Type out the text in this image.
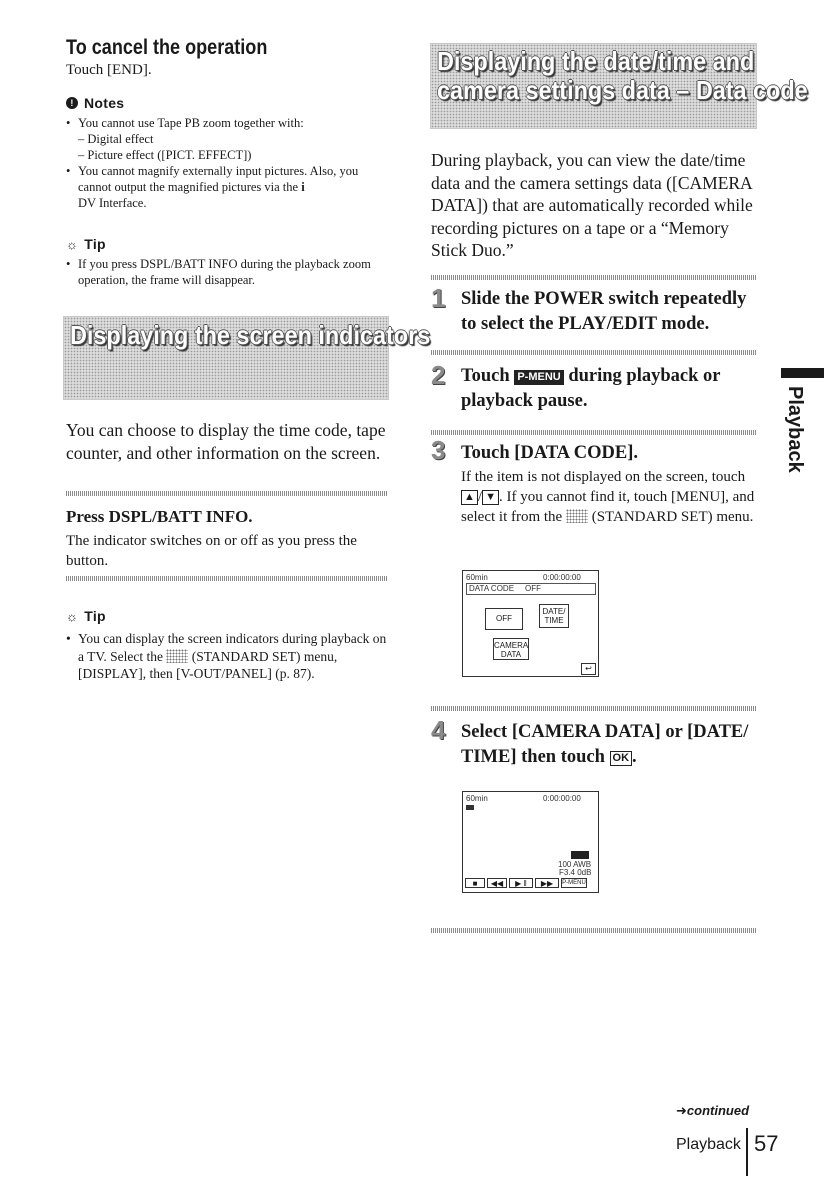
To cancel the operation
Touch [END].
! Notes
• You cannot use Tape PB zoom together with:
– Digital effect
– Picture effect ([PICT. EFFECT])
• You cannot magnify externally input pictures. Also, you cannot output the magnified pictures via the i
DV Interface.
☼ Tip
• If you press DSPL/BATT INFO during the playback zoom operation, the frame will disappear.
Displaying the screen indicators
You can choose to display the time code, tape counter, and other information on the screen.
Press DSPL/BATT INFO.
The indicator switches on or off as you press the button.
☼ Tip
• You can display the screen indicators during playback on a TV. Select the (STANDARD SET) menu, [DISPLAY], then [V-OUT/PANEL] (p. 87).
Displaying the date/time and
camera settings data – Data code
During playback, you can view the date/time data and the camera settings data ([CAMERA DATA]) that are automatically recorded while recording pictures on a tape or a “Memory Stick Duo.”
1 Slide the POWER switch repeatedly to select the PLAY/EDIT mode.
2 Touch P-MENU during playback or playback pause.
3 Touch [DATA CODE].
If the item is not displayed on the screen, touch ▲ / ▼ . If you cannot find it, touch [MENU], and select it from the (STANDARD SET) menu.
60min	0:00:00:00
DATA CODE OFF
OFF
DATE/ TIME
CAMERA DATA
↩
4 Select [CAMERA DATA] or [DATE/
TIME] then touch OK .
60min	0:00:00:00
100 AWB
F3.4 0dB
■	◀◀	▶ ‖	▶▶	P-MENU
➜continued
Playback 57
Playback
